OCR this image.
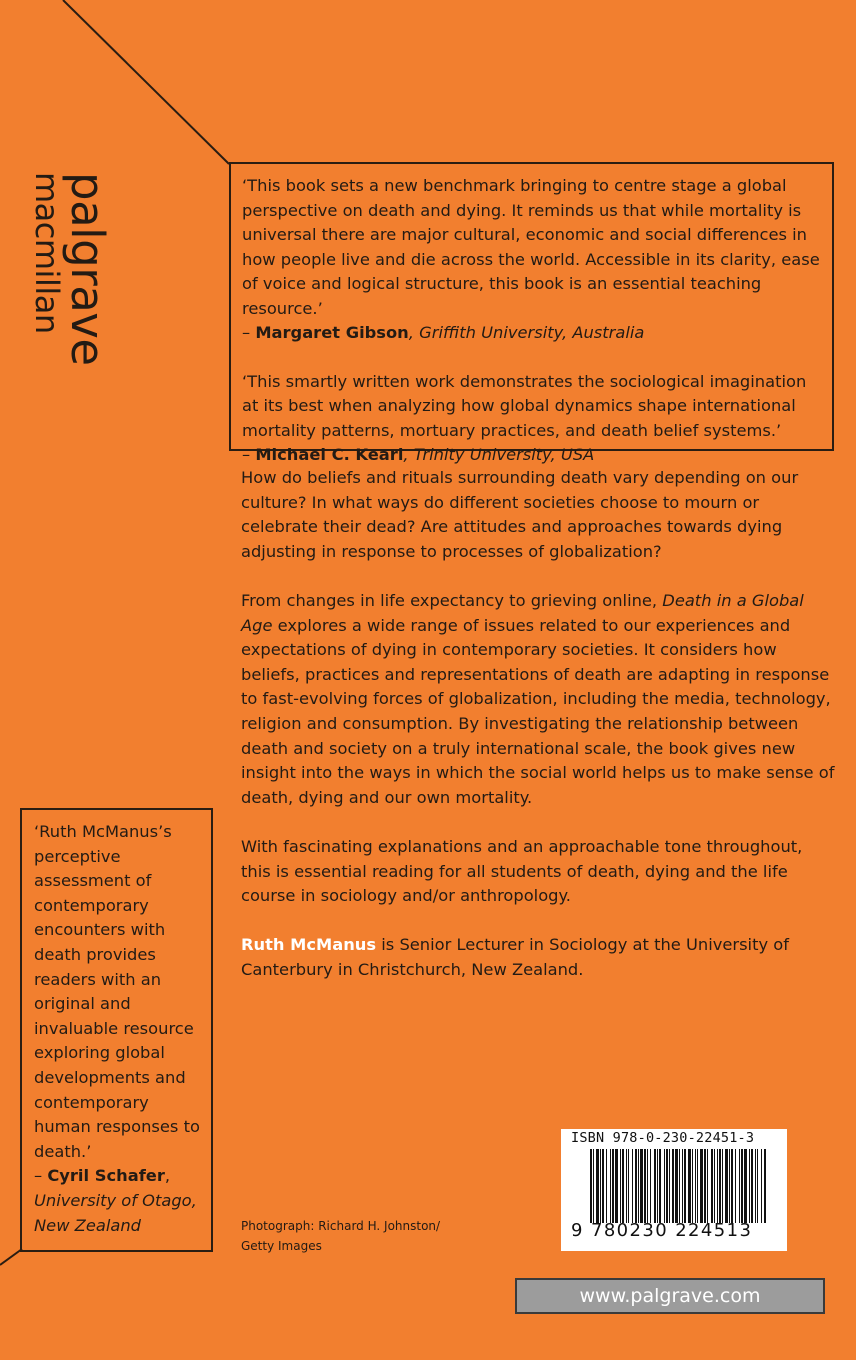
palgrave
macmillan	‘This book sets a new benchmark bringing to centre stage a global perspective on death and dying. It reminds us that while mortality is universal there are major cultural, economic and social differences in how people live and die across the world. Accessible in its clarity, ease of voice and logical structure, this book is an essential teaching resource.’
– Margaret Gibson, Griffith University, Australia

‘This smartly written work demonstrates the sociological imagination at its best when analyzing how global dynamics shape international mortality patterns, mortuary practices, and death belief systems.’
– Michael C. Kearl, Trinity University, USA

How do beliefs and rituals surrounding death vary depending on our culture? In what ways do different societies choose to mourn or celebrate their dead? Are attitudes and approaches towards dying adjusting in response to processes of globalization?

From changes in life expectancy to grieving online, Death in a Global Age explores a wide range of issues related to our experiences and expectations of dying in contemporary societies. It considers how beliefs, practices and representations of death are adapting in response to fast-evolving forces of globalization, including the media, technology, religion and consumption. By investigating the relationship between death and society on a truly international scale, the book gives new insight into the ways in which the social world helps us to make sense of death, dying and our own mortality.

With fascinating explanations and an approachable tone throughout, this is essential reading for all students of death, dying and the life course in sociology and/or anthropology.

Ruth McManus is Senior Lecturer in Sociology at the University of Canterbury in Christchurch, New Zealand.

‘Ruth McManus’s perceptive assessment of contemporary encounters with death provides readers with an original and invaluable resource exploring global developments and contemporary human responses to death.’

– Cyril Schafer,
University of Otago, New Zealand	Photograph: Richard H. Johnston/
Getty Images
ISBN 978-0-230-22451-3
9 780230 224513
www.palgrave.com
